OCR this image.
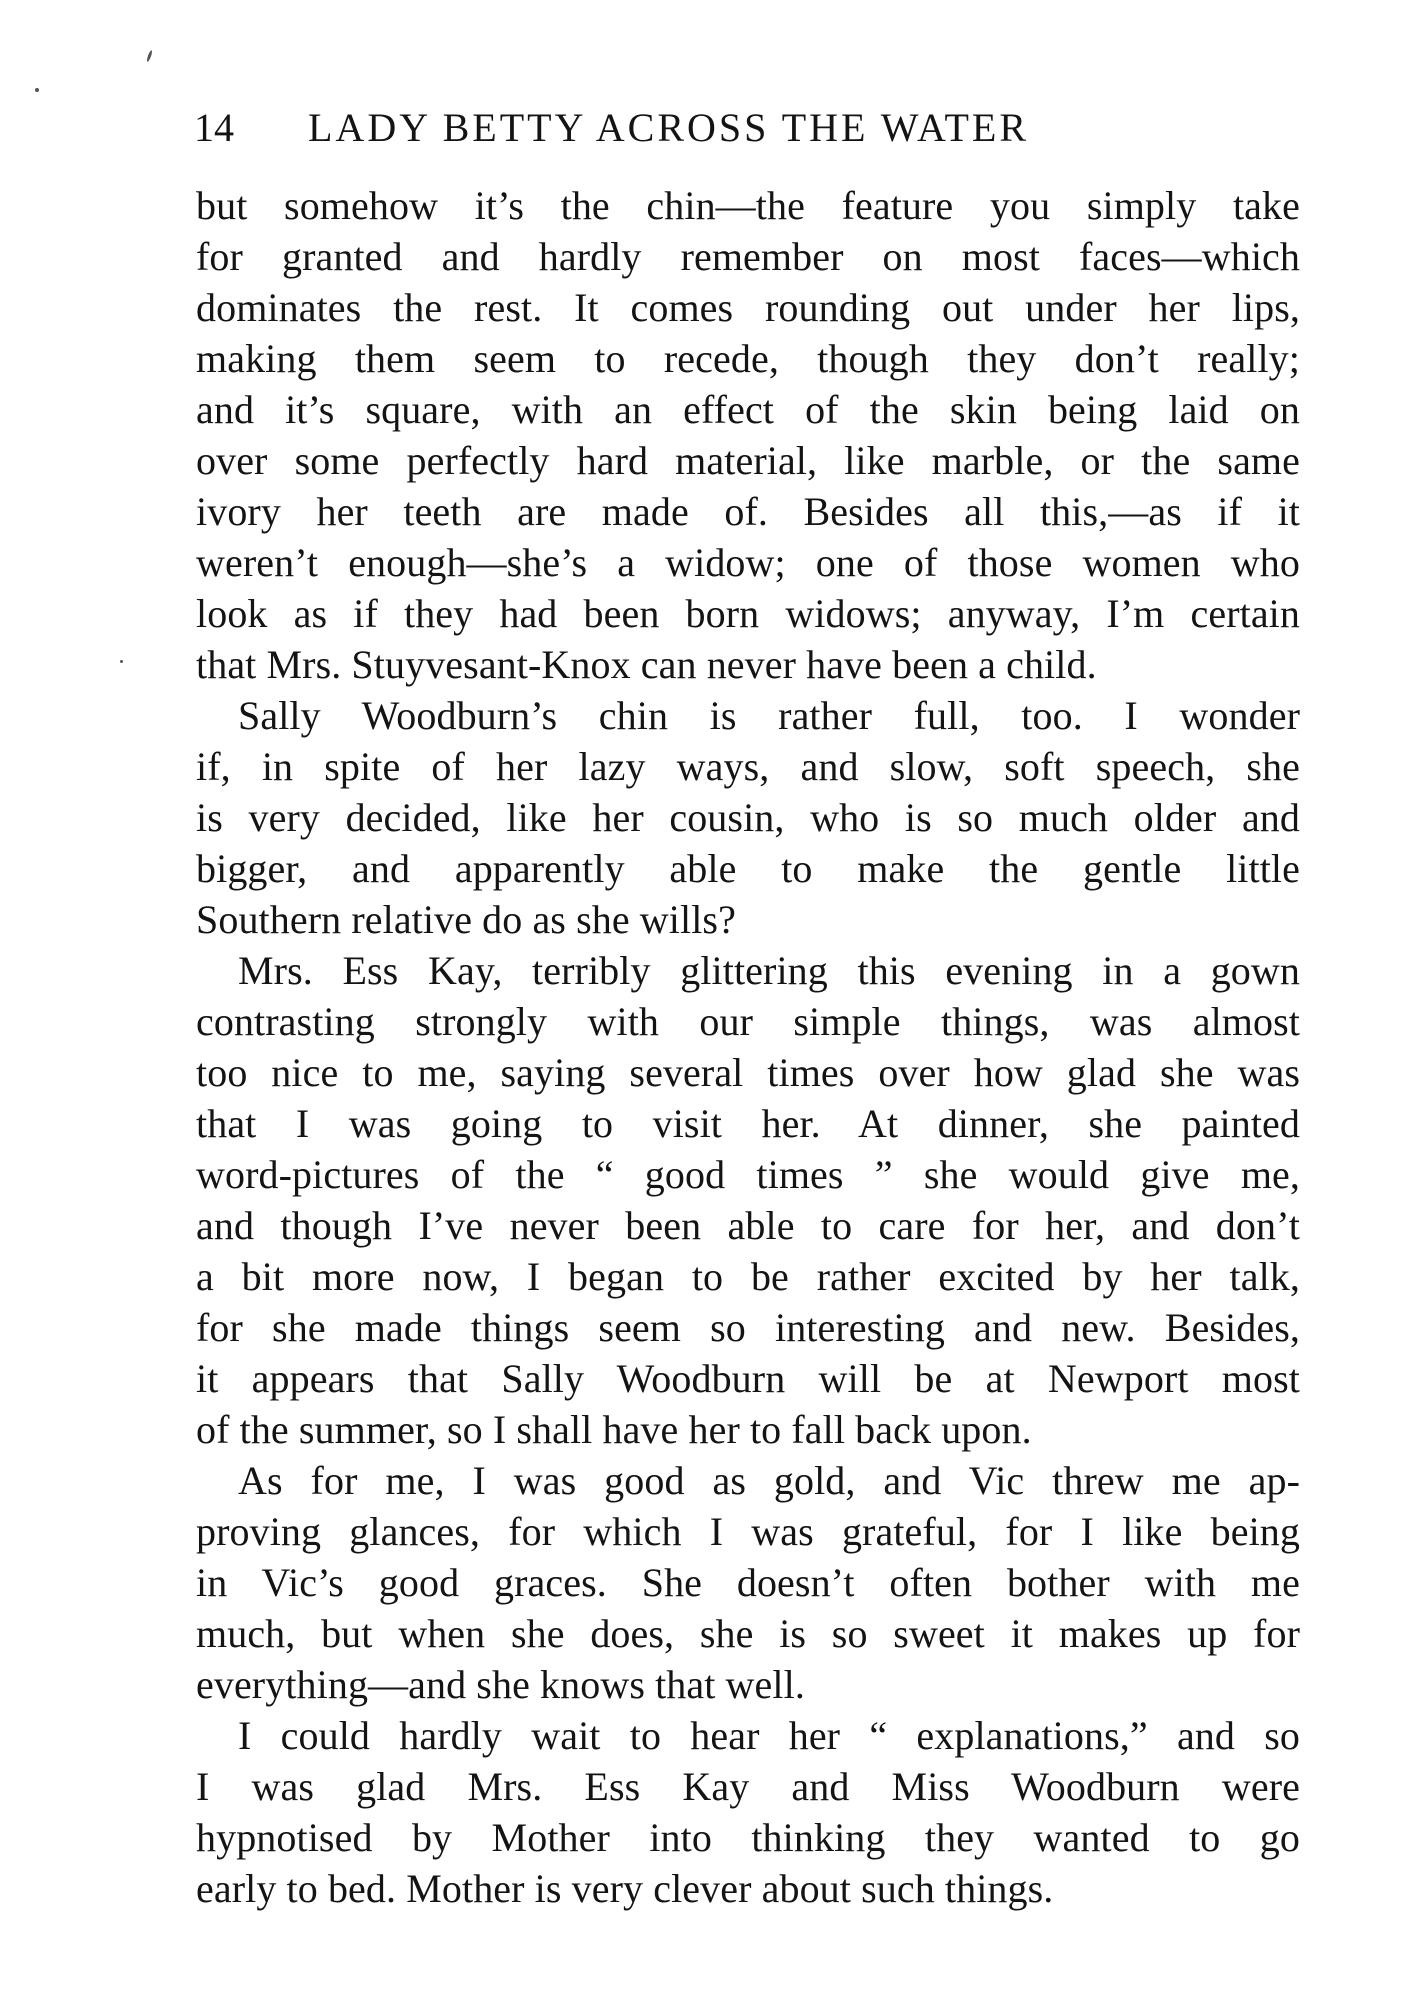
14 LADY BETTY ACROSS THE WATER
but somehow it’s the chin—the feature you simply take
for granted and hardly remember on most faces—which
dominates the rest. It comes rounding out under her lips,
making them seem to recede, though they don’t really;
and it’s square, with an effect of the skin being laid on
over some perfectly hard material, like marble, or the same
ivory her teeth are made of. Besides all this,—as if it
weren’t enough—she’s a widow; one of those women who
look as if they had been born widows; anyway, I’m certain
that Mrs. Stuyvesant-Knox can never have been a child.
Sally Woodburn’s chin is rather full, too. I wonder
if, in spite of her lazy ways, and slow, soft speech, she
is very decided, like her cousin, who is so much older and
bigger, and apparently able to make the gentle little
Southern relative do as she wills?
Mrs. Ess Kay, terribly glittering this evening in a gown
contrasting strongly with our simple things, was almost
too nice to me, saying several times over how glad she was
that I was going to visit her. At dinner, she painted
word-pictures of the “ good times ” she would give me,
and though I’ve never been able to care for her, and don’t
a bit more now, I began to be rather excited by her talk,
for she made things seem so interesting and new. Besides,
it appears that Sally Woodburn will be at Newport most
of the summer, so I shall have her to fall back upon.
As for me, I was good as gold, and Vic threw me ap-
proving glances, for which I was grateful, for I like being
in Vic’s good graces. She doesn’t often bother with me
much, but when she does, she is so sweet it makes up for
everything—and she knows that well.
I could hardly wait to hear her “ explanations,” and so
I was glad Mrs. Ess Kay and Miss Woodburn were
hypnotised by Mother into thinking they wanted to go
early to bed. Mother is very clever about such things.
